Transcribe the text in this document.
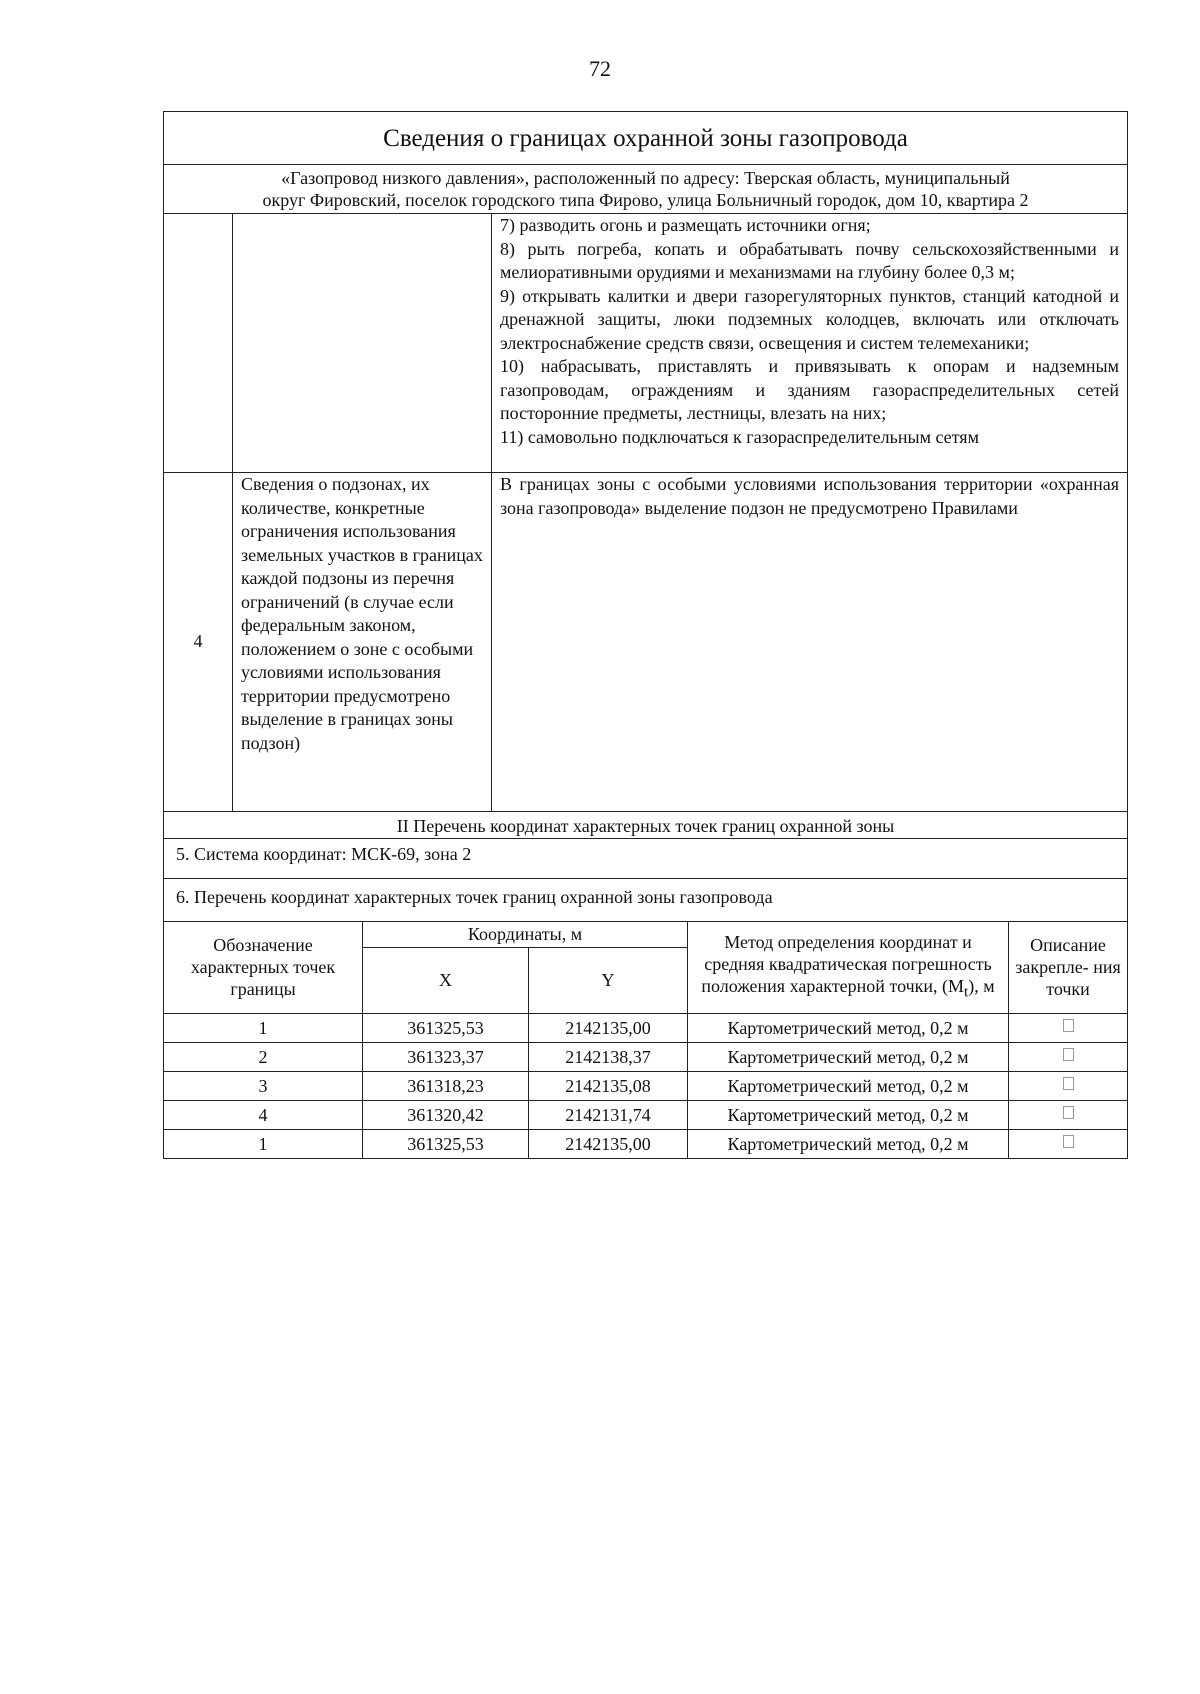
72
Сведения о границах охранной зоны газопровода		

«Газопровод низкого давления», расположенный по адресу: Тверская область, муниципальный
округ Фировский, поселок городского типа Фирово, улица Больничный городок, дом 10, квартира 2		

		7) разводить огонь и размещать источники огня;
8) рыть погреба, копать и обрабатывать почву сельскохозяйственными и мелиоративными орудиями и механизмами на глубину более 0,3 м;
9) открывать калитки и двери газорегуляторных пунктов, станций катодной и дренажной защиты, люки подземных колодцев, включать или отключать электроснабжение средств связи, освещения и систем телемеханики;
10) набрасывать, приставлять и привязывать к опорам и надземным газопроводам, ограждениям и зданиям газораспределительных сетей посторонние предметы, лестницы, влезать на них;
11) самовольно подключаться к газораспределительным сетям

4	Сведения о подзонах, их количестве, конкретные ограничения использования земельных участков в границах каждой подзоны из перечня ограничений (в случае если федеральным законом, положением о зоне с особыми условиями использования территории предусмотрено выделение в границах зоны подзон)	В границах зоны с особыми условиями использования территории «охранная зона газопровода» выделение подзон не предусмотрено Правилами
II Перечень координат характерных точек границ охранной зоны		
5. Система координат: МСК-69, зона 2		
6. Перечень координат характерных точек границ охранной зоны газопровода		
Обозначение характерных точек границы	Координаты, м		Метод определения координат и средняя квадратическая погрешность положения характерной точки, $(M_t)$, м	Описание закрепле- ния точки
	X	Y		
1	361325,53	2142135,00	Картометрический метод, 0,2 м	
2	361323,37	2142138,37	Картометрический метод, 0,2 м	
3	361318,23	2142135,08	Картометрический метод, 0,2 м	
4	361320,42	2142131,74	Картометрический метод, 0,2 м	
1	361325,53	2142135,00	Картометрический метод, 0,2 м	
